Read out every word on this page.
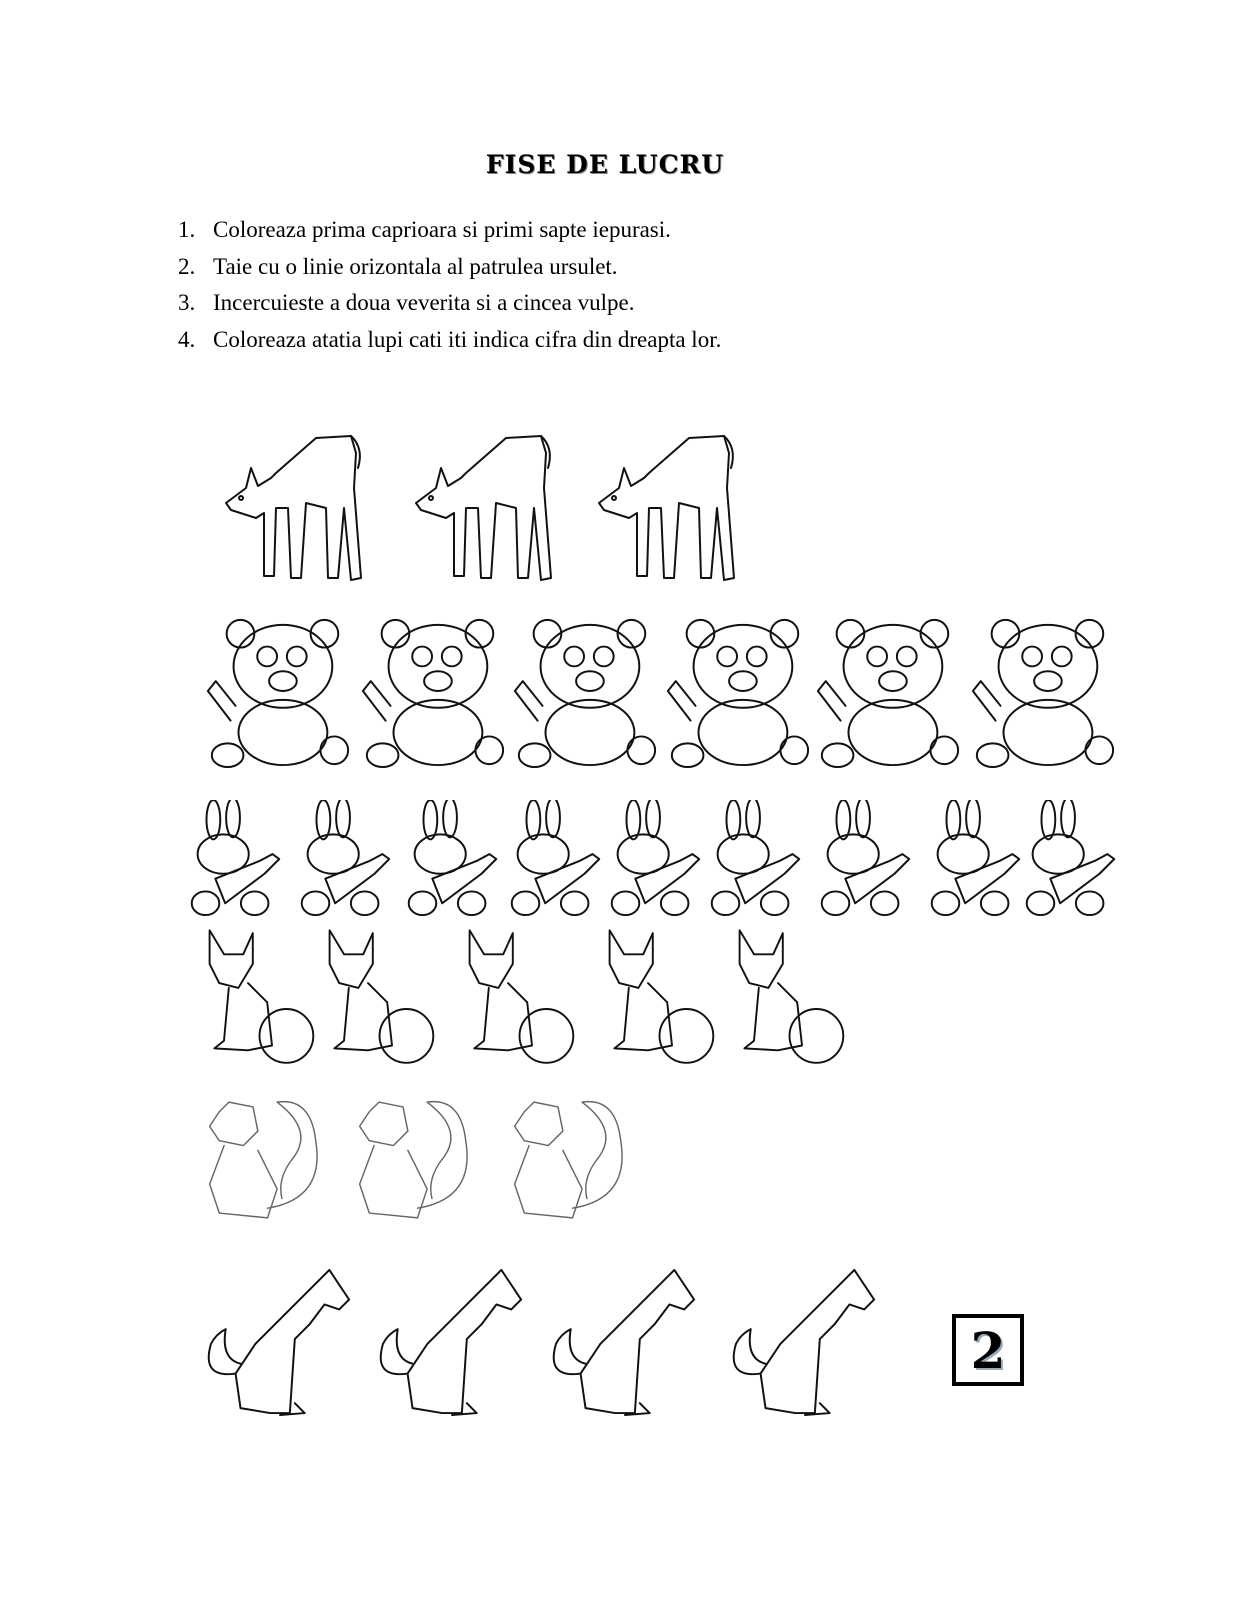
FISE DE LUCRU
1. Coloreaza prima caprioara si primi sapte iepurasi.
2. Taie cu o linie orizontala al patrulea ursulet.
3. Incercuieste a doua veverita si a cincea vulpe.
4. Coloreaza atatia lupi cati iti indica cifra din dreapta lor.
2
